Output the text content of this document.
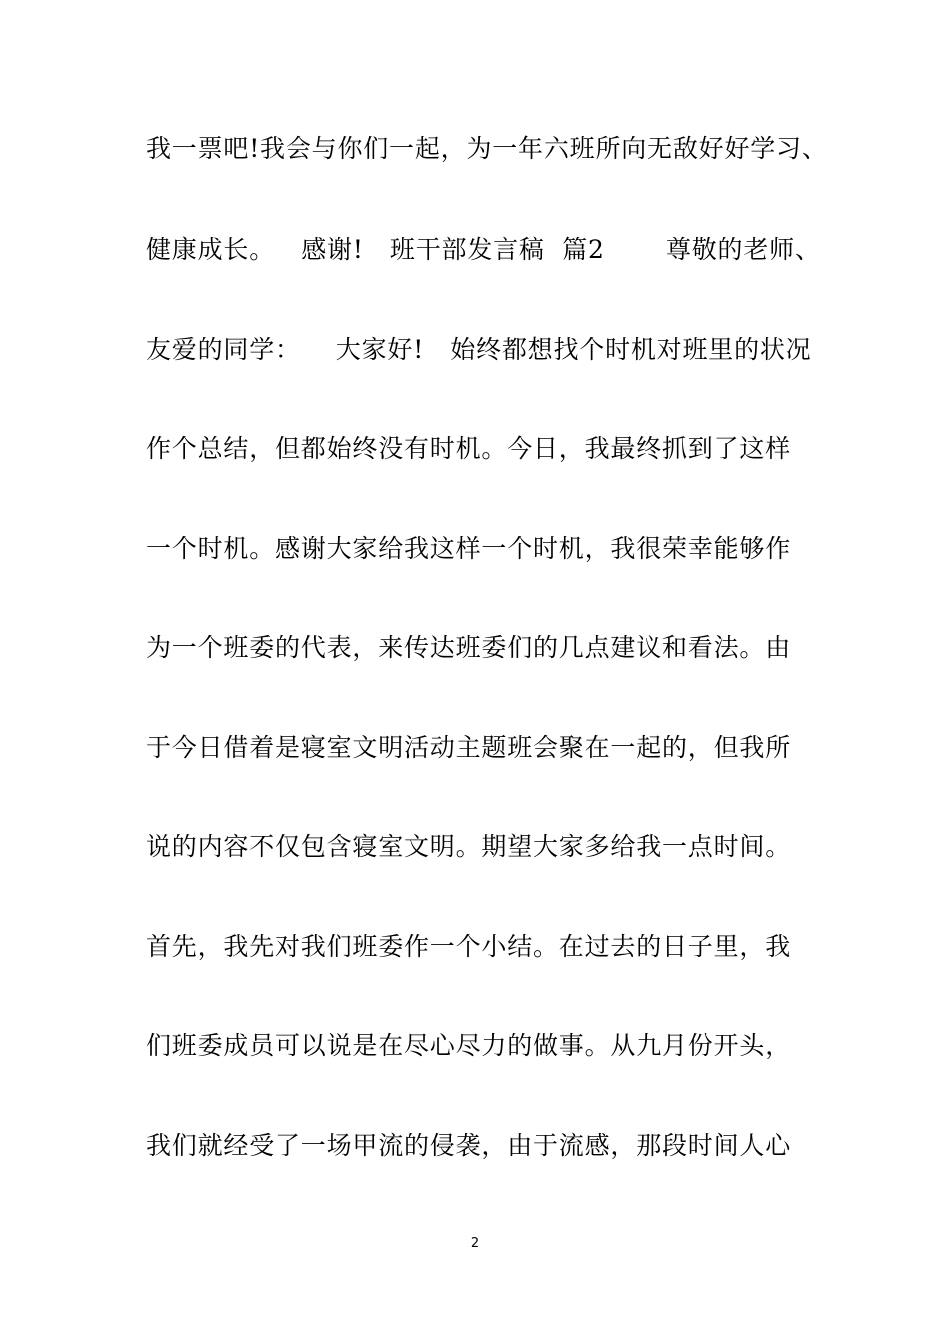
我一票吧!我会与你们一起，为一年六班所向无敌好好学习、
健康成长。   感谢!   班干部发言稿  篇2       尊敬的老师、
友爱的同学：    大家好!   始终都想找个时机对班里的状况
作个总结，但都始终没有时机。今日，我最终抓到了这样
一个时机。感谢大家给我这样一个时机，我很荣幸能够作
为一个班委的代表，来传达班委们的几点建议和看法。由
于今日借着是寝室文明活动主题班会聚在一起的，但我所
说的内容不仅包含寝室文明。期望大家多给我一点时间。
首先，我先对我们班委作一个小结。在过去的日子里，我
们班委成员可以说是在尽心尽力的做事。从九月份开头，
我们就经受了一场甲流的侵袭，由于流感，那段时间人心
2
